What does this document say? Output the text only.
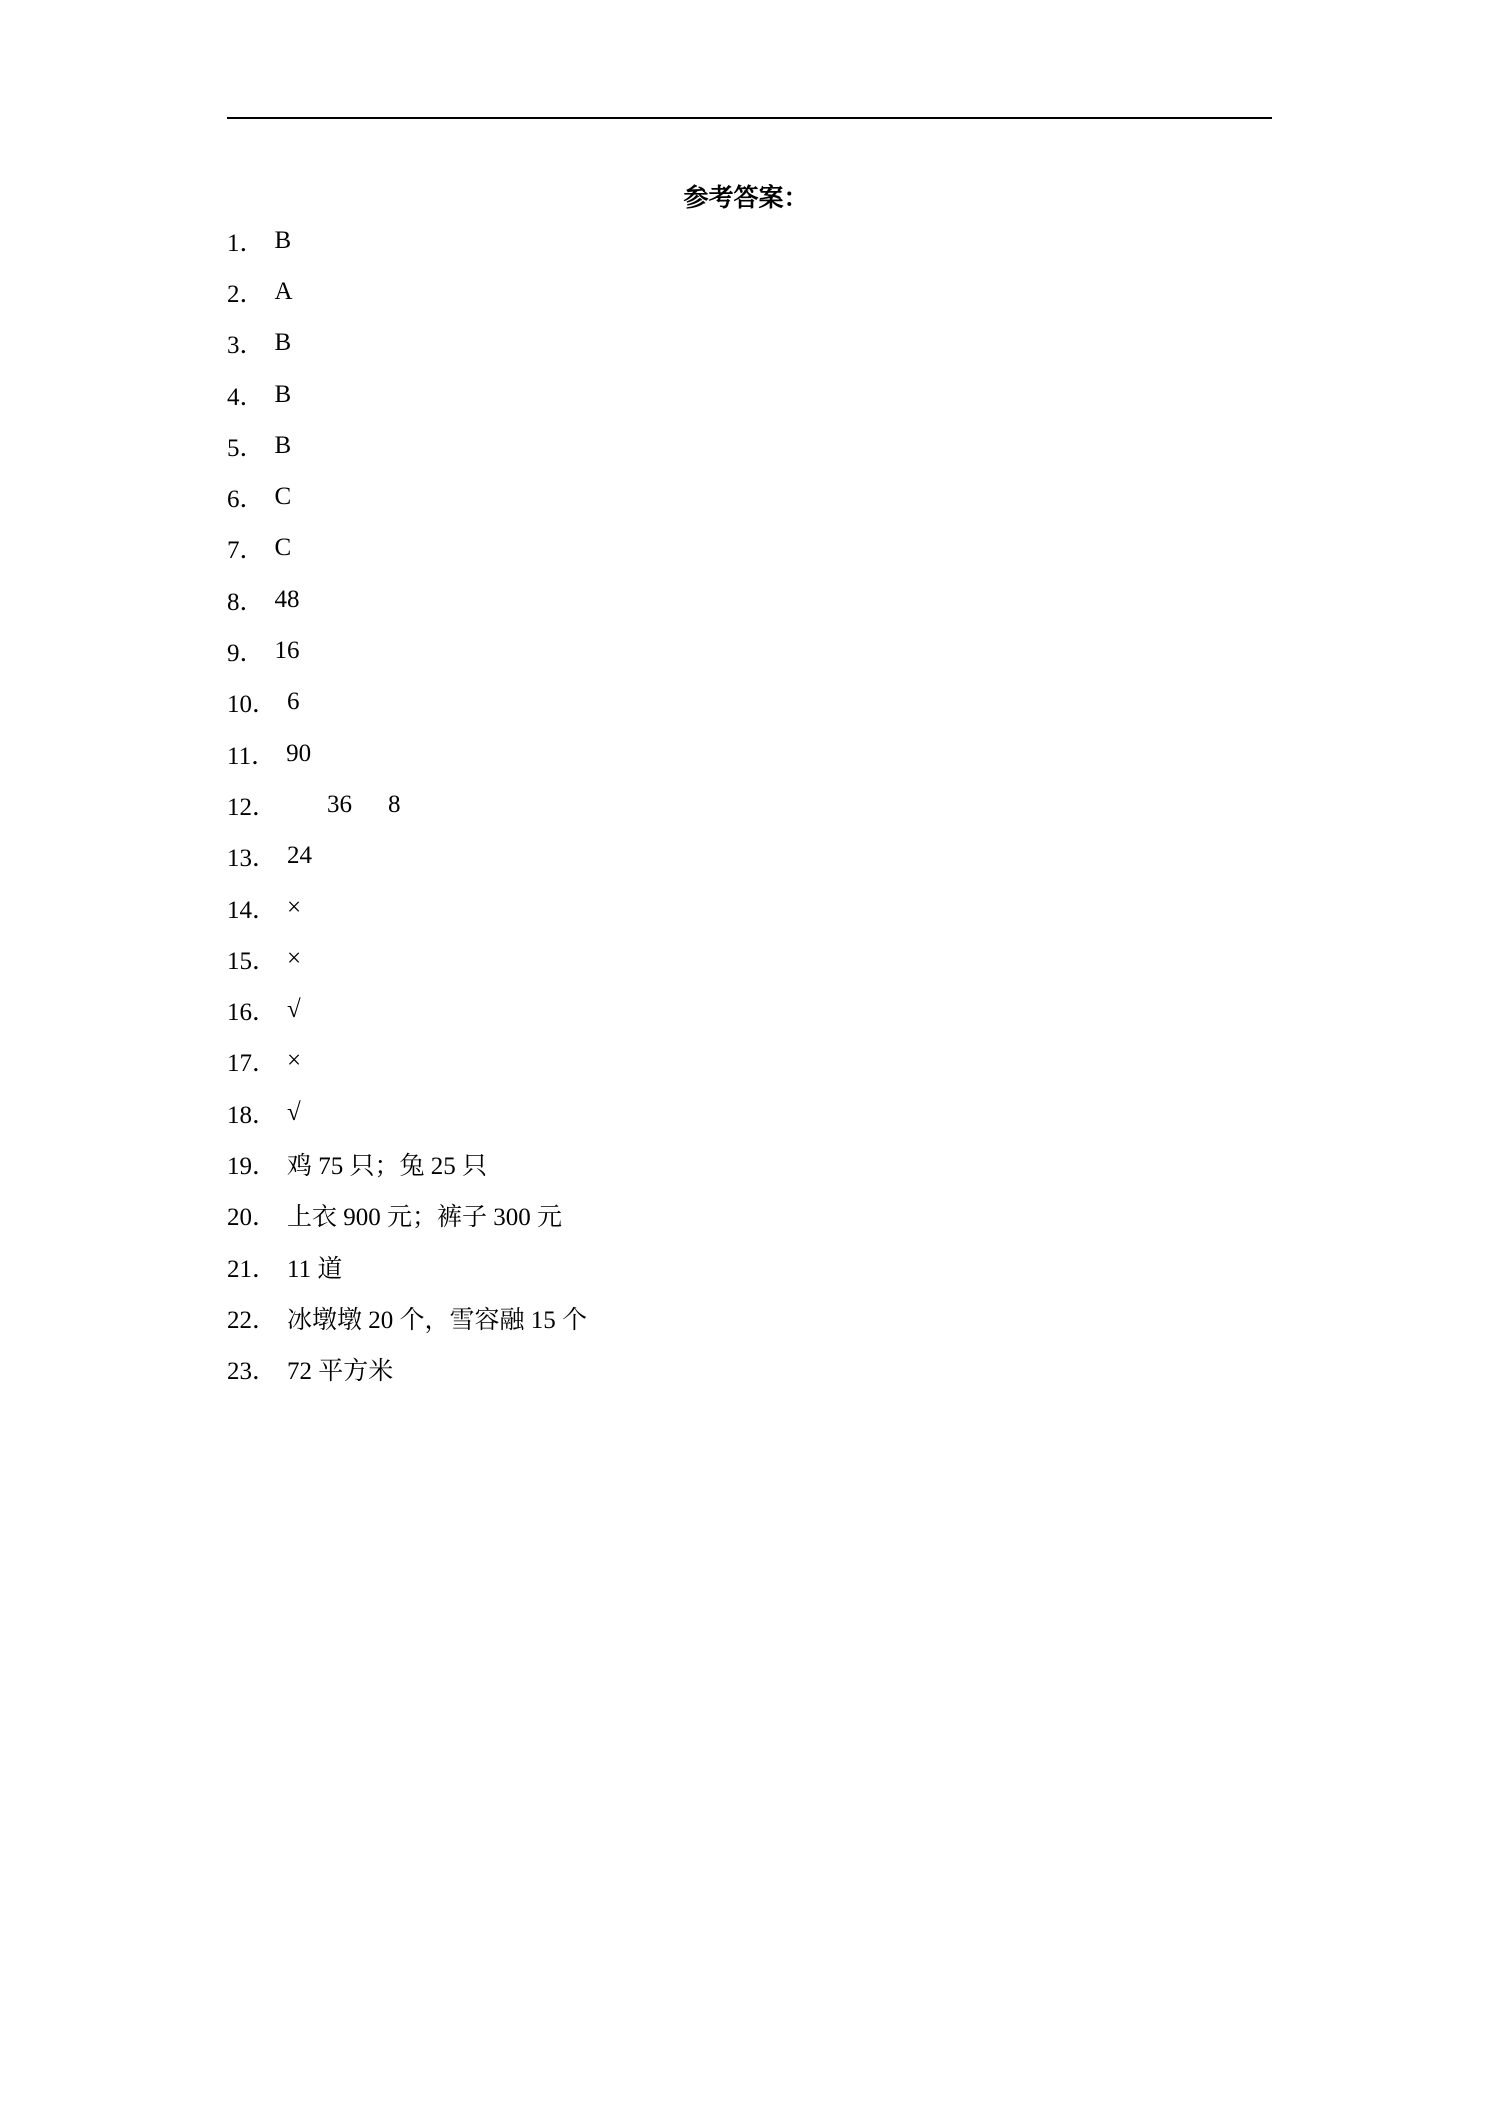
参考答案：
1． B
2． A
3． B
4． B
5． B
6． C
7． C
8． 48
9． 16
10． 6
11． 90
12．	36 8
13． 24
14． ×
15． ×
16． √
17． ×
18． √
19． 鸡 75 只；兔 25 只
20． 上衣 900 元；裤子 300 元
21． 11 道
22． 冰墩墩 20 个，雪容融 15 个
23． 72 平方米
